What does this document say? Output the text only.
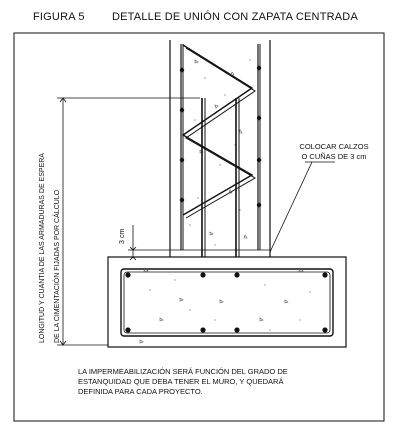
FIGURA 5 DETALLE DE UNIÓN CON ZAPATA CENTRADA
LONGITUD Y CUANTIA DE LAS ARMADURAS DE ESPERA DE LA CIMENTACIÓN FIJADAS POR CÁLCULO	3 cm
COLOCAR CALZOS
O CUÑAS DE 3 cm
LA IMPERMEABILIZACIÓN SERÁ FUNCIÓN DEL GRADO DE
ESTANQUIDAD QUE DEBA TENER EL MURO, Y QUEDARÁ
DEFINIDA PARA CADA PROYECTO.
